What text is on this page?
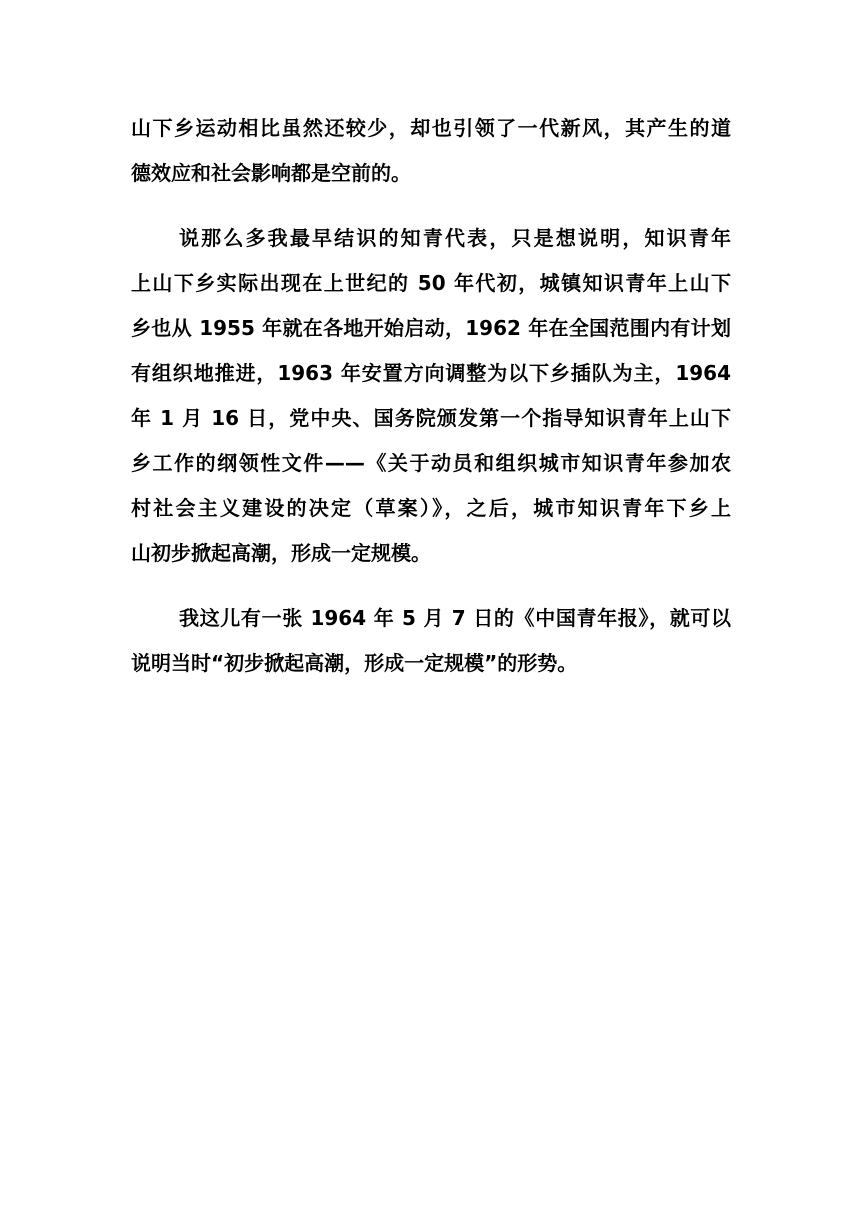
山下乡运动相比虽然还较少，却也引领了一代新风，其产生的道
德效应和社会影响都是空前的。
说那么多我最早结识的知青代表，只是想说明，知识青年
上山下乡实际出现在上世纪的 50 年代初，城镇知识青年上山下
乡也从 1955 年就在各地开始启动，1962 年在全国范围内有计划
有组织地推进，1963 年安置方向调整为以下乡插队为主，1964
年 1 月 16 日，党中央、国务院颁发第一个指导知识青年上山下
乡工作的纲领性文件——《关于动员和组织城市知识青年参加农
村社会主义建设的决定（草案）》，之后，城市知识青年下乡上
山初步掀起高潮，形成一定规模。
我这儿有一张 1964 年 5 月 7 日的《中国青年报》，就可以
说明当时“初步掀起高潮，形成一定规模”的形势。
